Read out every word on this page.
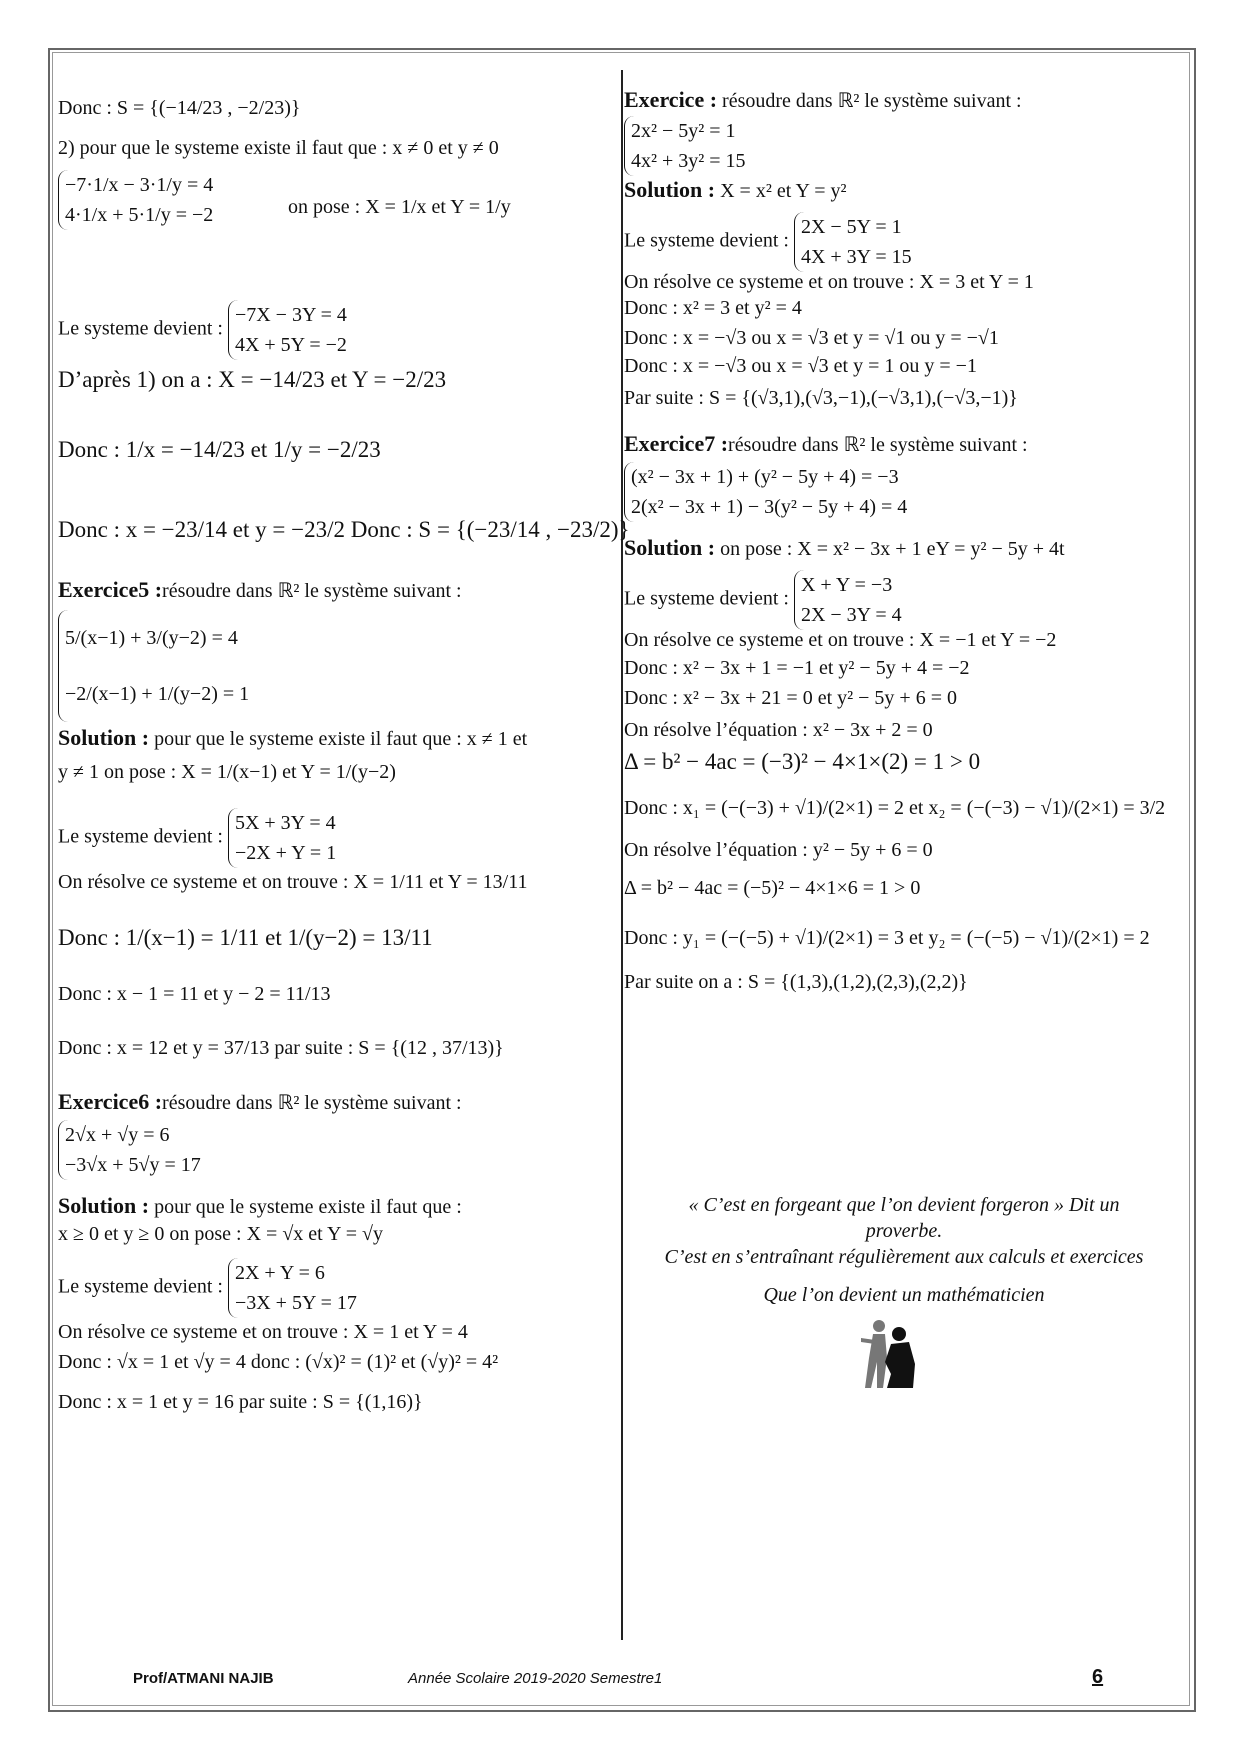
Donc : S = {(−14/23 , −2/23)}
2) pour que le systeme existe il faut que : x ≠ 0 et y ≠ 0
−7·1/x − 3·1/y = 4
4·1/x + 5·1/y = −2	on pose : X = 1/x et Y = 1/y
Le systeme devient :
−7X − 3Y = 4
4X + 5Y = −2
D’après 1) on a : X = −14/23 et Y = −2/23
Donc : 1/x = −14/23 et 1/y = −2/23
Donc : x = −23/14 et y = −23/2 Donc : S = {(−23/14 , −23/2)}
Exercice5 :résoudre dans ℝ² le système suivant :
5/(x−1) + 3/(y−2) = 4
−2/(x−1) + 1/(y−2) = 1
Solution : pour que le systeme existe il faut que : x ≠ 1 et
y ≠ 1 on pose : X = 1/(x−1) et Y = 1/(y−2)
Le systeme devient :
5X + 3Y = 4
−2X + Y = 1
On résolve ce systeme et on trouve : X = 1/11 et Y = 13/11
Donc : 1/(x−1) = 1/11 et 1/(y−2) = 13/11
Donc : x − 1 = 11 et y − 2 = 11/13
Donc : x = 12 et y = 37/13 par suite : S = {(12 , 37/13)}
Exercice6 :résoudre dans ℝ² le système suivant :
2√x + √y = 6
−3√x + 5√y = 17
Solution : pour que le systeme existe il faut que :
x ≥ 0 et y ≥ 0 on pose : X = √x et Y = √y
Le systeme devient :
2X + Y = 6
−3X + 5Y = 17
On résolve ce systeme et on trouve : X = 1 et Y = 4
Donc : √x = 1 et √y = 4 donc : (√x)² = (1)² et (√y)² = 4²
Donc : x = 1 et y = 16 par suite : S = {(1,16)}
Exercice : résoudre dans ℝ² le système suivant :
2x² − 5y² = 1
4x² + 3y² = 15
Solution : X = x² et Y = y²
Le systeme devient :
2X − 5Y = 1
4X + 3Y = 15
On résolve ce systeme et on trouve : X = 3 et Y = 1
Donc : x² = 3 et y² = 4
Donc : x = −√3 ou x = √3 et y = √1 ou y = −√1
Donc : x = −√3 ou x = √3 et y = 1 ou y = −1
Par suite : S = {(√3,1),(√3,−1),(−√3,1),(−√3,−1)}
Exercice7 :résoudre dans ℝ² le système suivant :
(x² − 3x + 1) + (y² − 5y + 4) = −3
2(x² − 3x + 1) − 3(y² − 5y + 4) = 4
Solution : on pose : X = x² − 3x + 1 eY = y² − 5y + 4t
Le systeme devient :
X + Y = −3
2X − 3Y = 4
On résolve ce systeme et on trouve : X = −1 et Y = −2
Donc : x² − 3x + 1 = −1 et y² − 5y + 4 = −2
Donc : x² − 3x + 21 = 0 et y² − 5y + 6 = 0
On résolve l’équation : x² − 3x + 2 = 0
Δ = b² − 4ac = (−3)² − 4×1×(2) = 1 > 0
Donc : x₁ = (−(−3) + √1)/(2×1) = 2 et x₂ = (−(−3) − √1)/(2×1) = 3/2
On résolve l’équation : y² − 5y + 6 = 0
Δ = b² − 4ac = (−5)² − 4×1×6 = 1 > 0
Donc : y₁ = (−(−5) + √1)/(2×1) = 3 et y₂ = (−(−5) − √1)/(2×1) = 2
Par suite on a : S = {(1,3),(1,2),(2,3),(2,2)}
« C’est en forgeant que l’on devient forgeron » Dit un
proverbe.
C’est en s’entraînant régulièrement aux calculs et exercices
Que l’on devient un mathématicien
Prof/ATMANI NAJIB	Année Scolaire 2019-2020 Semestre1	6
